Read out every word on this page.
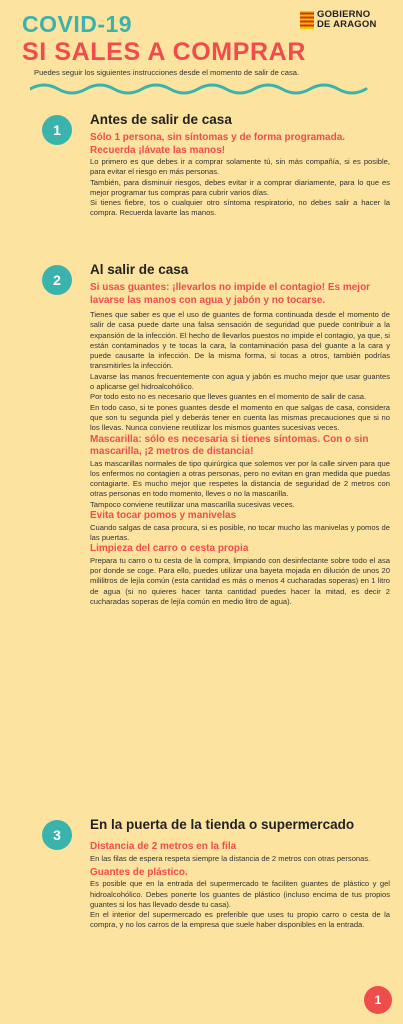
COVID-19
SI SALES A COMPRAR

Puedes seguir los siguientes instrucciones desde el momento de salir de casa.

GOBIERNO
DE ARAGON
1
Antes de salir de casa

Sólo 1 persona, sin síntomas y de forma programada. Recuerda ¡lávate las manos!

Lo primero es que debes ir a comprar solamente tú, sin más compañía, si es posible, para evitar el riesgo en más personas.

También, para disminuir riesgos, debes evitar ir a comprar diariamente, para lo que es mejor programar tus compras para cubrir varios días.

Si tienes fiebre, tos o cualquier otro síntoma respiratorio, no debes salir a hacer la compra. Recuerda lavarte las manos.

2
Al salir de casa

Si usas guantes: ¡llevarlos no impide el contagio! Es mejor lavarse las manos con agua y jabón y no tocarse.

Tienes que saber es que el uso de guantes de forma continuada desde el momento de salir de casa puede darte una falsa sensación de seguridad que puede contribuir a la expansión de la infección. El hecho de llevarlos puestos no impide el contagio, ya que, si están contaminados y te tocas la cara, la contaminación pasa del guante a la cara y puede causarte la infección. De la misma forma, si tocas a otros, también podrías transmitirles la infección.

Lavarse las manos frecuentemente con agua y jabón es mucho mejor que usar guantes o aplicarse gel hidroalcohólico.

Por todo esto no es necesario que lleves guantes en el momento de salir de casa.

En todo caso, si te pones guantes desde el momento en que salgas de casa, considera que son tu segunda piel y deberás tener en cuenta las mismas precauciones que si no los llevas. Nunca conviene reutilizar los mismos guantes sucesivas veces.

Mascarilla: sólo es necesaria si tienes síntomas. Con o sin mascarilla, ¡2 metros de distancia!

Las mascarillas normales de tipo quirúrgica que solemos ver por la calle sirven para que los enfermos no contagien a otras personas, pero no evitan en gran medida que puedas contagiarte. Es mucho mejor que respetes la distancia de seguridad de 2 metros con otras personas en todo momento, lleves o no la mascarilla.

Tampoco conviene reutilizar una mascarilla sucesivas veces.

Evita tocar pomos y manivelas

Cuando salgas de casa procura, si es posible, no tocar mucho las manivelas y pomos de las puertas.

Limpieza del carro o cesta propia

Prepara tu carro o tu cesta de la compra, limpiando con desinfectante sobre todo el asa por donde se coge. Para ello, puedes utilizar una bayeta mojada en dilución de unos 20 mililitros de lejía común (esta cantidad es más o menos 4 cucharadas soperas) en 1 litro de agua (si no quieres hacer tanta cantidad puedes hacer la mitad, es decir 2 cucharadas soperas de lejía común en medio litro de agua).

3
En la puerta de la tienda o supermercado

Distancia de 2 metros en la fila

En las filas de espera respeta siempre la distancia de 2 metros con otras personas.

Guantes de plástico.

Es posible que en la entrada del supermercado te faciliten guantes de plástico y gel hidroalcohólico. Debes ponerte los guantes de plástico (incluso encima de tus propios guantes si los has llevado desde tu casa).

En el interior del supermercado es preferible que uses tu propio carro o cesta de la compra, y no los carros de la empresa que suele haber disponibles en la entrada.

1
